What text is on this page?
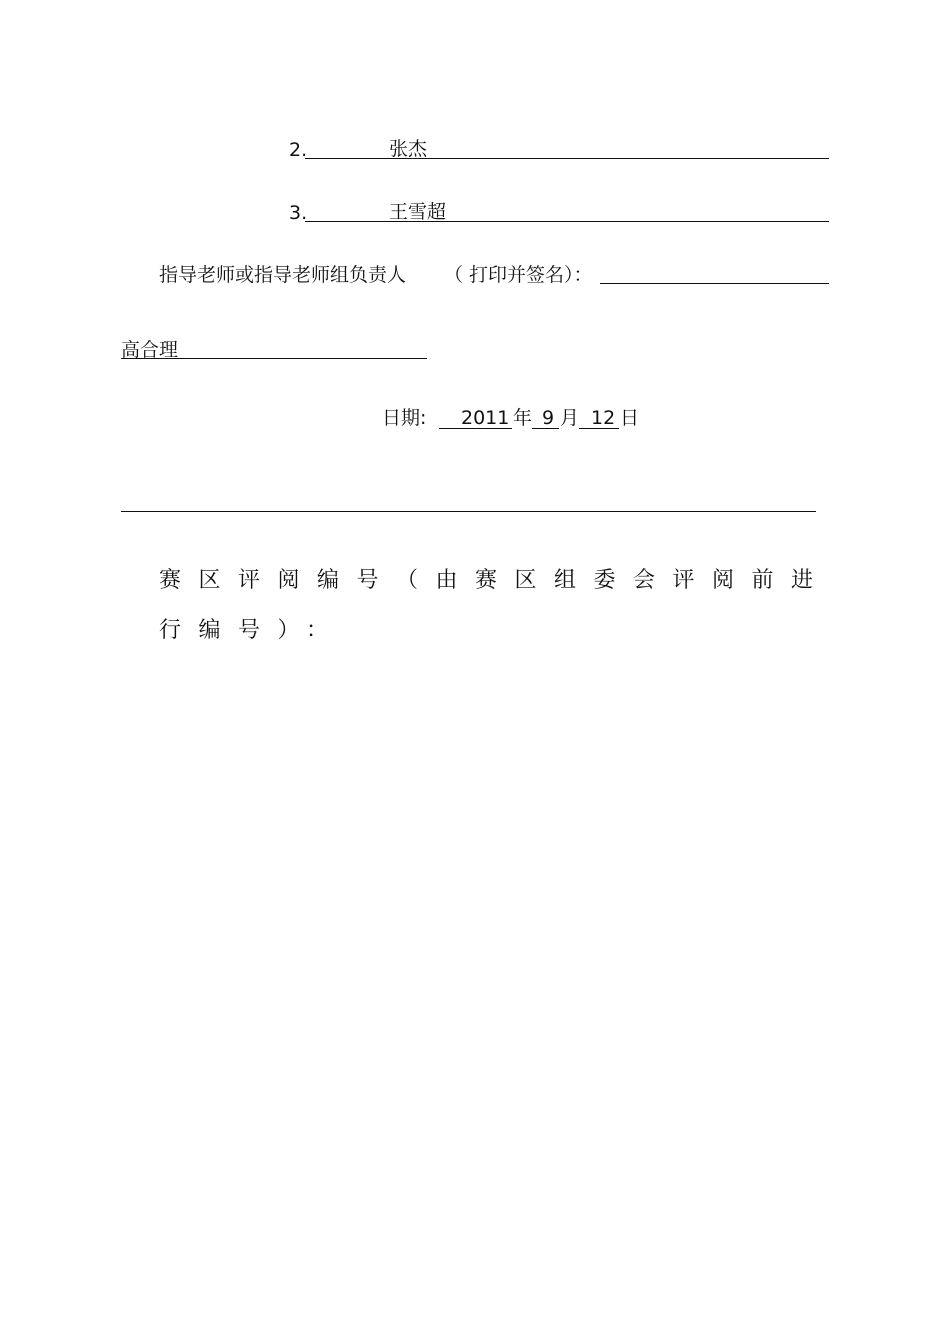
2.	张杰
3.	王雪超
指导老师或指导老师组负责人 （ 打印并签名）：
高合理
日期: 2011 年 9 月 12 日
赛区评阅编号（由赛区组委会评阅前进
行编号）：
